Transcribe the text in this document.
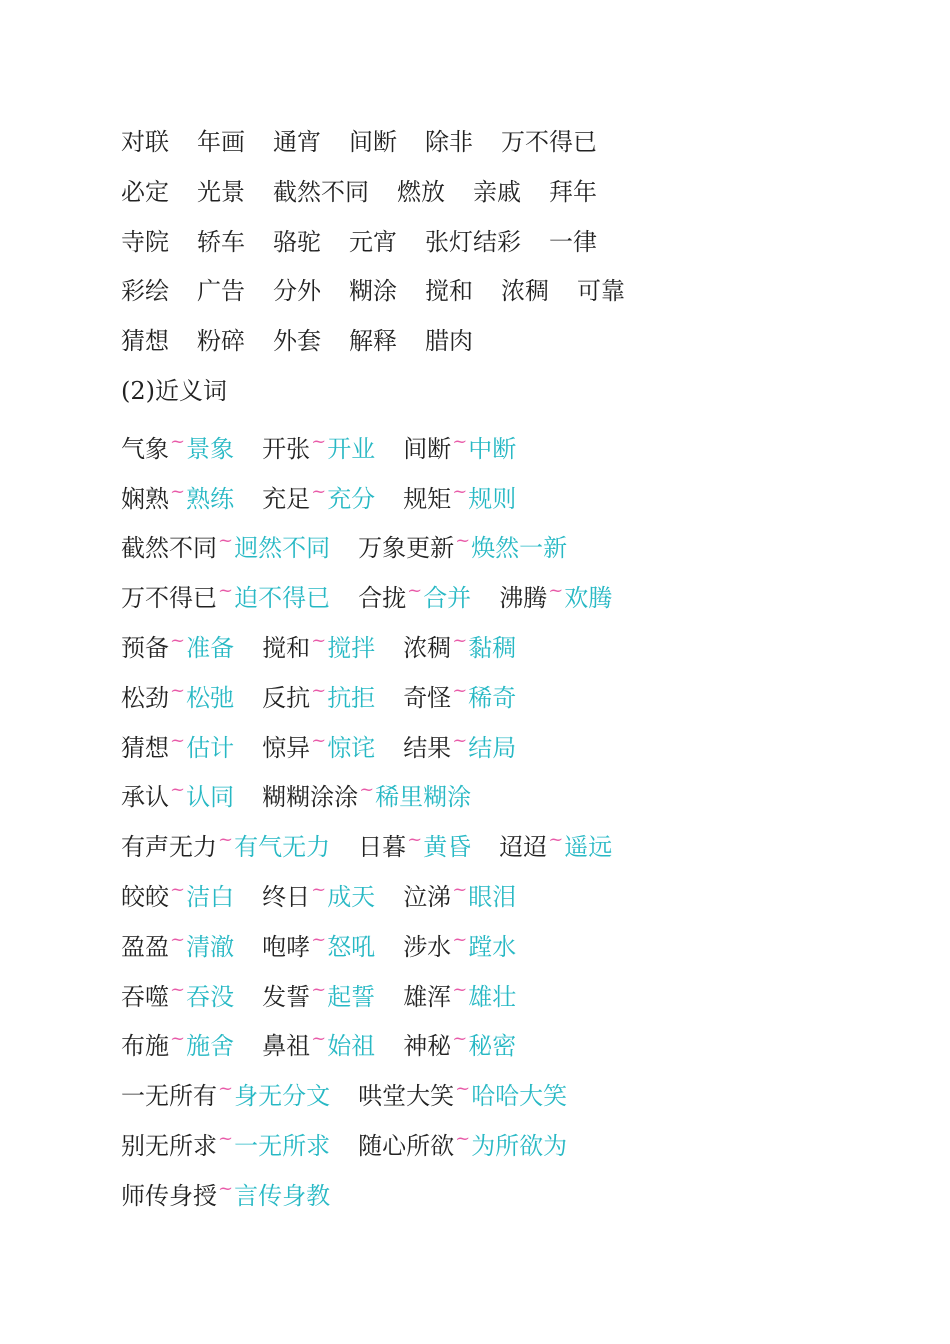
对联 年画 通宵 间断 除非 万不得已
必定 光景 截然不同 燃放 亲戚 拜年
寺院 轿车 骆驼 元宵 张灯结彩 一律
彩绘 广告 分外 糊涂 搅和 浓稠 可靠
猜想 粉碎 外套 解释 腊肉
(2)近义词
气象~景象 开张~开业 间断~中断
娴熟~熟练 充足~充分 规矩~规则
截然不同~迥然不同 万象更新~焕然一新
万不得已~迫不得已 合拢~合并 沸腾~欢腾
预备~准备 搅和~搅拌 浓稠~黏稠
松劲~松弛 反抗~抗拒 奇怪~稀奇
猜想~估计 惊异~惊诧 结果~结局
承认~认同 糊糊涂涂~稀里糊涂
有声无力~有气无力 日暮~黄昏 迢迢~遥远
皎皎~洁白 终日~成天 泣涕~眼泪
盈盈~清澈 咆哮~怒吼 涉水~蹚水
吞噬~吞没 发誓~起誓 雄浑~雄壮
布施~施舍 鼻祖~始祖 神秘~秘密
一无所有~身无分文 哄堂大笑~哈哈大笑
别无所求~一无所求 随心所欲~为所欲为
师传身授~言传身教
